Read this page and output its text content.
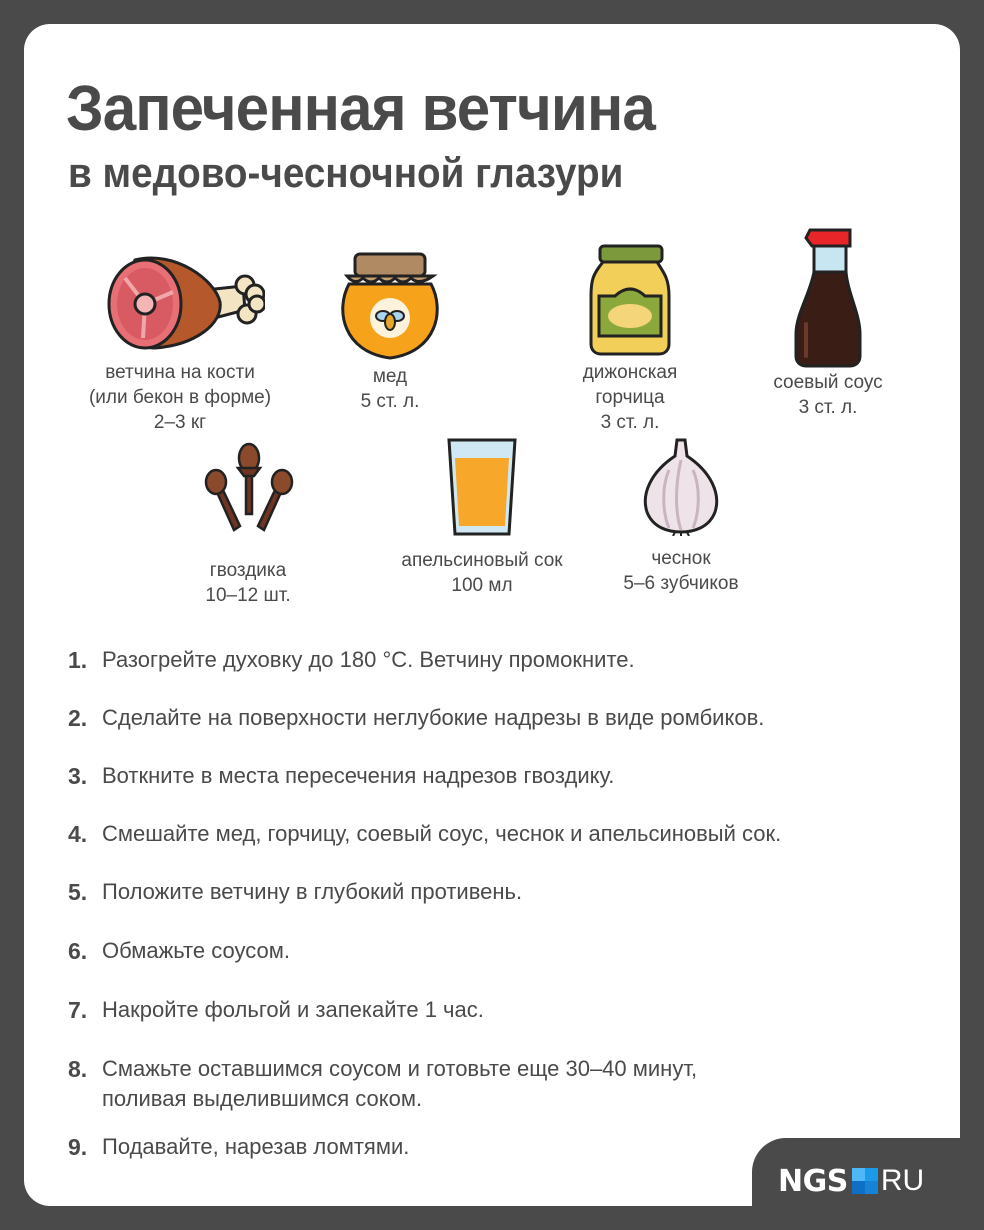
Запеченная ветчина
в медово-чесночной глазури
ветчина на кости
(или бекон в форме)
2–3 кг
мед
5 ст. л.
дижонская
горчица
3 ст. л.
соевый соус
3 ст. л.
гвоздика
10–12 шт.
апельсиновый сок
100 мл
чеснок
5–6 зубчиков
1. Разогрейте духовку до 180 °С. Ветчину промокните.
2. Сделайте на поверхности неглубокие надрезы в виде ромбиков.
3. Воткните в места пересечения надрезов гвоздику.
4. Смешайте мед, горчицу, соевый соус, чеснок и апельсиновый сок.
5. Положите ветчину в глубокий противень.
6. Обмажьте соусом.
7. Накройте фольгой и запекайте 1 час.
8. Смажьте оставшимся соусом и готовьте еще 30–40 минут,
поливая выделившимся соком.
9. Подавайте, нарезав ломтями.
NGS RU
